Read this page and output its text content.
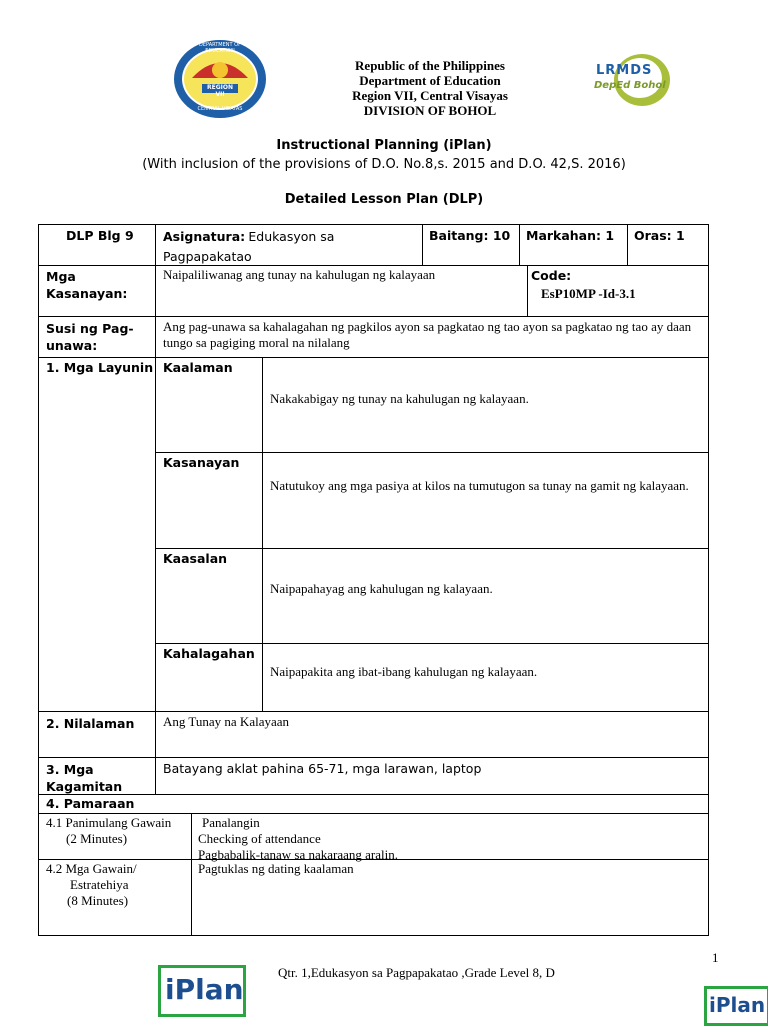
REGION VII
DEPARTMENT OF EDUCATION
CENTRAL VISAYAS
LRMDS
DepEd Bohol
Republic of the Philippines
Department of Education
Region VII, Central Visayas
DIVISION OF BOHOL
Instructional Planning (iPlan)
(With inclusion of the provisions of D.O. No.8,s. 2015 and D.O. 42,S. 2016)
Detailed Lesson Plan (DLP)
DLP Blg 9 Asignatura: Edukasyon sa Pagpapakatao
Baitang: 10 Markahan: 1 Oras: 1
Mga Kasanayan:
Naipaliliwanag ang tunay na kahulugan ng kalayaan	Code:
EsP10MP -Id-3.1
Susi ng Pag-unawa:
Ang pag-unawa sa kahalagahan ng pagkilos ayon sa pagkatao ng tao ayon sa pagkatao ng tao ay daan tungo sa pagiging moral na nilalang
1. Mga Layunin Kaalaman
Nakakabigay ng tunay na kahulugan ng kalayaan.
Kasanayan
Natutukoy ang mga pasiya at kilos na tumutugon sa tunay na gamit ng kalayaan.
Kaasalan
Naipapahayag ang kahulugan ng kalayaan.
Kahalagahan
Naipapakita ang ibat-ibang kahulugan ng kalayaan.
2. Nilalaman Ang Tunay na Kalayaan
3. Mga Kagamitan
Batayang aklat pahina 65-71, mga larawan, laptop
4. Pamaraan
4.1 Panimulang Gawain
(2 Minutes)
Panalangin
Checking of attendance
Pagbabalik-tanaw sa nakaraang aralin.
4.2 Mga Gawain/
Estratehiya
(8 Minutes)
Pagtuklas ng dating kaalaman
1
Qtr. 1,Edukasyon sa Pagpapakatao ,Grade Level 8, D
iPlan	iPlan
